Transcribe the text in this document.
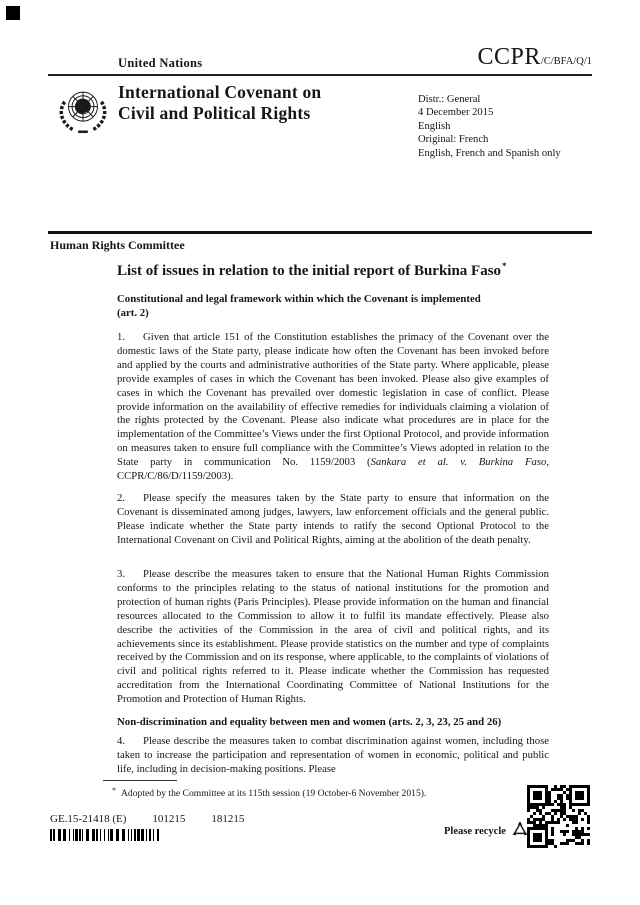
United Nations	CCPR/C/BFA/Q/1
International Covenant on
Civil and Political Rights
Distr.: General
4 December 2015
English
Original: French
English, French and Spanish only
Human Rights Committee
List of issues in relation to the initial report of Burkina Faso*
Constitutional and legal framework within which the Covenant is implemented
(art. 2)

1. Given that article 151 of the Constitution establishes the primacy of the Covenant over the domestic laws of the State party, please indicate how often the Covenant has been invoked before and applied by the courts and administrative authorities of the State party. Where applicable, please provide examples of cases in which the Covenant has been invoked. Please also give examples of cases in which the Covenant has prevailed over domestic legislation in case of conflict. Please provide information on the availability of effective remedies for individuals claiming a violation of the rights protected by the Covenant. Please also indicate what procedures are in place for the implementation of the Committee’s Views under the first Optional Protocol, and provide information on measures taken to ensure full compliance with the Committee’s Views adopted in relation to the State party in communication No. 1159/2003 (Sankara et al. v. Burkina Faso, CCPR/C/86/D/1159/2003).

2. Please specify the measures taken by the State party to ensure that information on the Covenant is disseminated among judges, lawyers, law enforcement officials and the general public. Please indicate whether the State party intends to ratify the second Optional Protocol to the International Covenant on Civil and Political Rights, aiming at the abolition of the death penalty.

3. Please describe the measures taken to ensure that the National Human Rights Commission conforms to the principles relating to the status of national institutions for the promotion and protection of human rights (Paris Principles). Please provide information on the human and financial resources allocated to the Commission to allow it to fulfil its mandate effectively. Please also describe the activities of the Commission in the area of civil and political rights, and its achievements since its establishment. Please provide statistics on the number and type of complaints received by the Commission and on its response, where applicable, to the complaints of violations of civil and political rights referred to it. Please indicate whether the Commission has requested accreditation from the International Coordinating Committee of National Institutions for the Promotion and Protection of Human Rights.

Non-discrimination and equality between men and women (arts. 2, 3, 23, 25 and 26)

4. Please describe the measures taken to combat discrimination against women, including those taken to increase the participation and representation of women in economic, political and public life, including in decision-making positions. Please

* Adopted by the Committee at its 115th session (19 October-6 November 2015).
GE.15-21418 (E) 101215 181215
Please recycle
